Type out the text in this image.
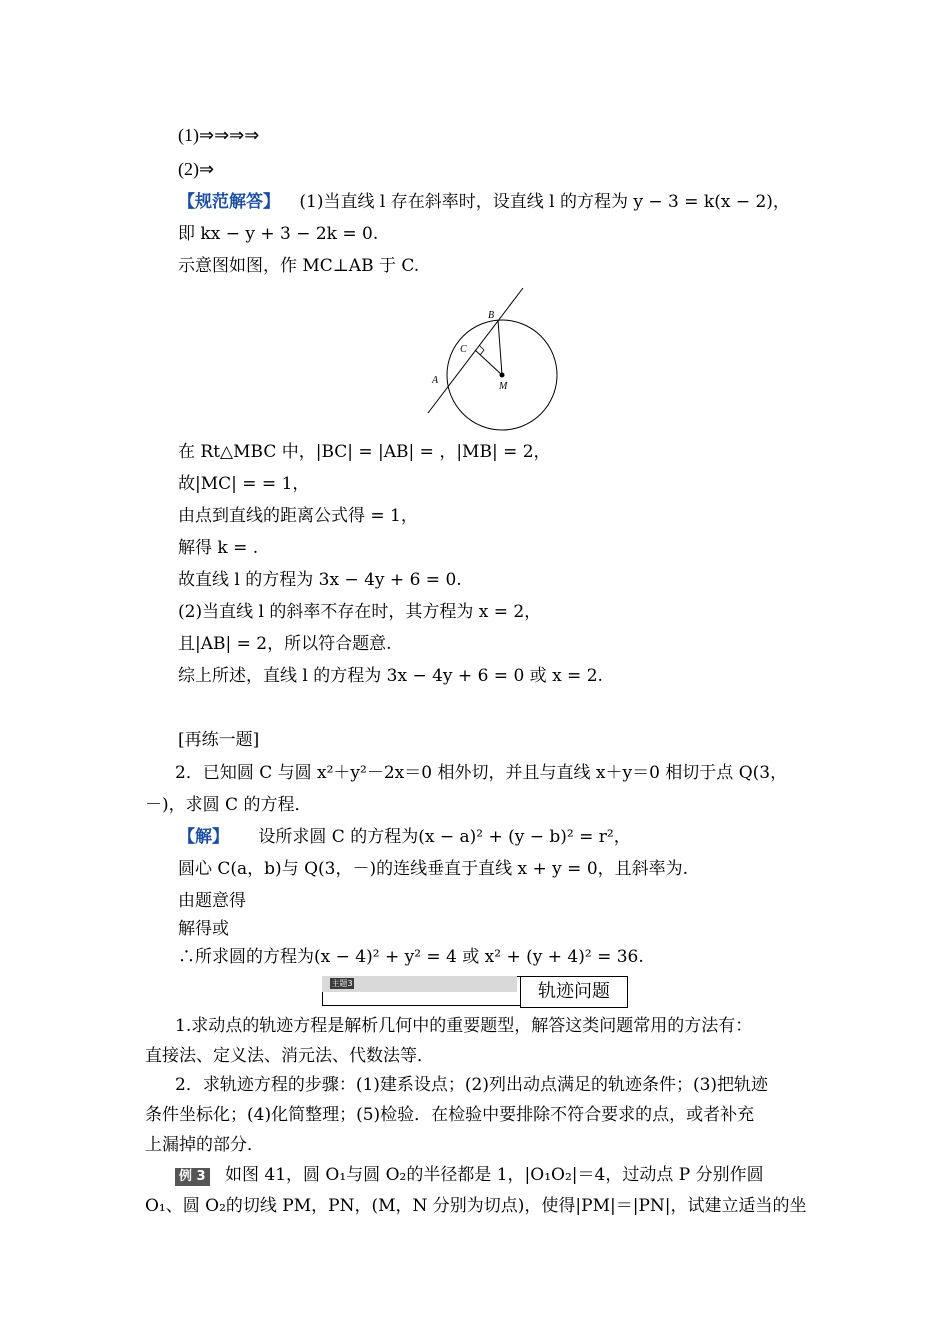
(1)⇒⇒⇒⇒
(2)⇒
【规范解答】 (1)当直线 l 存在斜率时，设直线 l 的方程为 y − 3 = k(x − 2)，
即 kx − y + 3 − 2k = 0.
示意图如图，作 MC⊥AB 于 C.
B
C
A
M
在 Rt△MBC 中，|BC| = |AB| = ，|MB| = 2，
故|MC| = = 1，
由点到直线的距离公式得 = 1，
解得 k = .
故直线 l 的方程为 3x − 4y + 6 = 0.
(2)当直线 l 的斜率不存在时，其方程为 x = 2，
且|AB| = 2，所以符合题意.
综上所述，直线 l 的方程为 3x − 4y + 6 = 0 或 x = 2.
[再练一题]
2．已知圆 C 与圆 x²＋y²－2x＝0 相外切，并且与直线 x＋y＝0 相切于点 Q(3，
－)，求圆 C 的方程．
【解】 设所求圆 C 的方程为(x − a)² + (y − b)² = r²，
圆心 C(a，b)与 Q(3，－)的连线垂直于直线 x + y = 0，且斜率为.
由题意得
解得或
∴所求圆的方程为(x − 4)² + y² = 4 或 x² + (y + 4)² = 36.
主题3	轨迹问题
1.求动点的轨迹方程是解析几何中的重要题型，解答这类问题常用的方法有：
直接法、定义法、消元法、代数法等．
2．求轨迹方程的步骤：(1)建系设点；(2)列出动点满足的轨迹条件；(3)把轨迹
条件坐标化；(4)化简整理；(5)检验．在检验中要排除不符合要求的点，或者补充
上漏掉的部分．
例 3 如图 41，圆 O₁与圆 O₂的半径都是 1，|O₁O₂|＝4，过动点 P 分别作圆
O₁、圆 O₂的切线 PM，PN，(M，N 分别为切点)，使得|PM|＝|PN|，试建立适当的坐
